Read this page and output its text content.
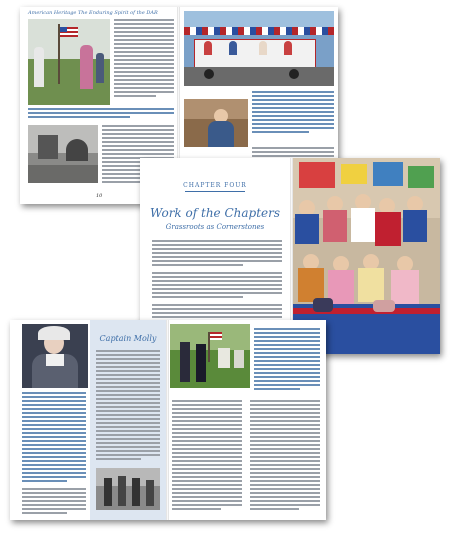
American Heritage The Enduring Spirit of the DAR
10
CHAPTER FOUR
Work of the Chapters
Grassroots as Cornerstones
Captain Molly
